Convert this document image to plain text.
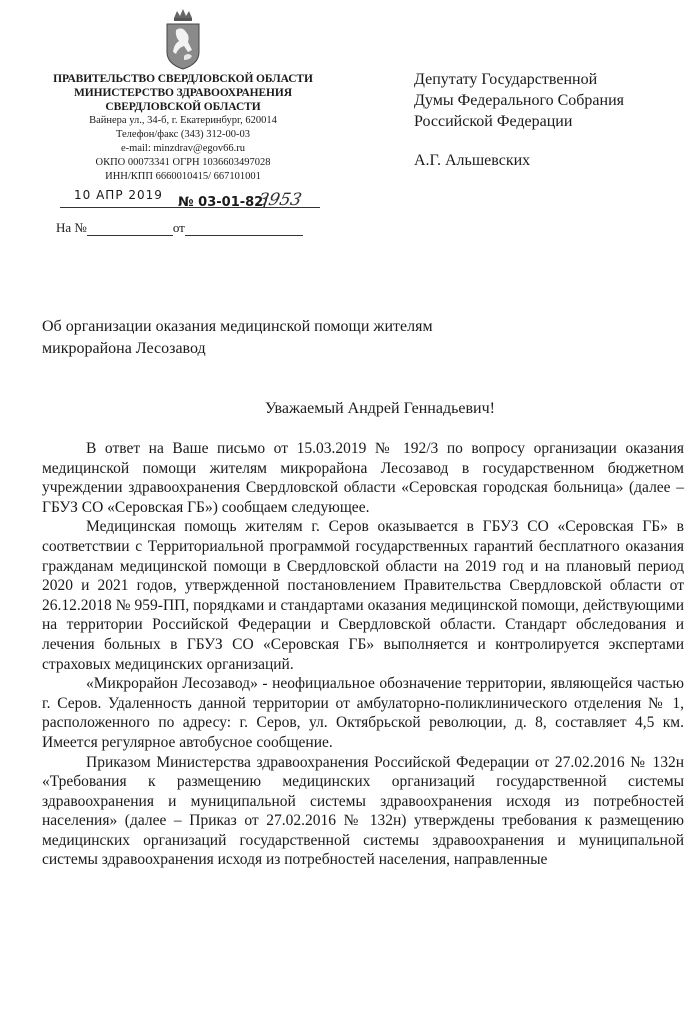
ПРАВИТЕЛЬСТВО СВЕРДЛОВСКОЙ ОБЛАСТИ
МИНИСТЕРСТВО ЗДРАВООХРАНЕНИЯ
СВЕРДЛОВСКОЙ ОБЛАСТИ
Вайнера ул., 34-б, г. Екатеринбург, 620014
Телефон/факс (343) 312-00-03
e-mail: minzdrav@egov66.ru
ОКПО 00073341 ОГРН 1036603497028
ИНН/КПП 6660010415/ 667101001
10 АПР 2019 № 03-01-82/
3953
На №	от
Депутату Государственной
Думы Федерального Собрания
Российской Федерации
А.Г. Альшевских
Об организации оказания медицинской помощи жителям микрорайона Лесозавод
Уважаемый Андрей Геннадьевич!

В ответ на Ваше письмо от 15.03.2019 № 192/3 по вопросу организации оказания медицинской помощи жителям микрорайона Лесозавод в государственном бюджетном учреждении здравоохранения Свердловской области «Серовская городская больница» (далее – ГБУЗ СО «Серовская ГБ») сообщаем следующее.

Медицинская помощь жителям г. Серов оказывается в ГБУЗ СО «Серовская ГБ» в соответствии с Территориальной программой государственных гарантий бесплатного оказания гражданам медицинской помощи в Свердловской области на 2019 год и на плановый период 2020 и 2021 годов, утвержденной постановлением Правительства Свердловской области от 26.12.2018 № 959-ПП, порядками и стандартами оказания медицинской помощи, действующими на территории Российской Федерации и Свердловской области. Стандарт обследования и лечения больных в ГБУЗ СО «Серовская ГБ» выполняется и контролируется экспертами страховых медицинских организаций.

«Микрорайон Лесозавод» - неофициальное обозначение территории, являющейся частью г. Серов. Удаленность данной территории от амбулаторно-поликлинического отделения № 1, расположенного по адресу: г. Серов, ул. Октябрьской революции, д. 8, составляет 4,5 км. Имеется регулярное автобусное сообщение.

Приказом Министерства здравоохранения Российской Федерации от 27.02.2016 № 132н «Требования к размещению медицинских организаций государственной системы здравоохранения и муниципальной системы здравоохранения исходя из потребностей населения» (далее – Приказ от 27.02.2016 № 132н) утверждены требования к размещению медицинских организаций государственной системы здравоохранения и муниципальной системы здравоохранения исходя из потребностей населения, направленные
